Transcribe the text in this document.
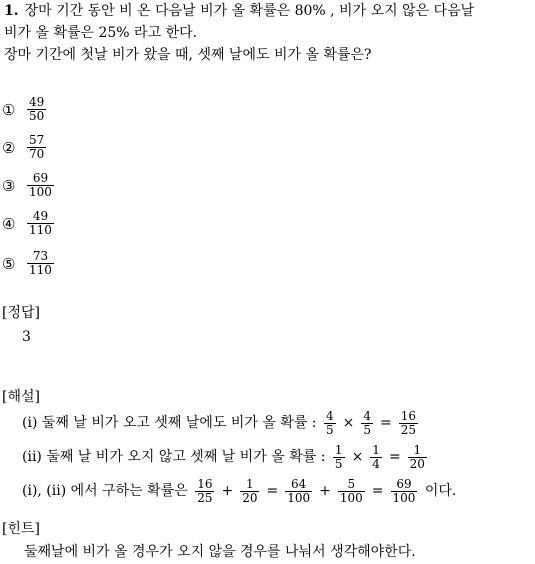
1. 장마 기간 동안 비 온 다음날 비가 올 확률은 80% , 비가 오지 않은 다음날
비가 올 확률은 25% 라고 한다.
장마 기간에 첫날 비가 왔을 때, 셋째 날에도 비가 올 확률은?
① $\frac{49}{50}$
② $\frac{57}{70}$
③ $\frac{69}{100}$
④ $\frac{49}{110}$
⑤ $\frac{73}{110}$
[정답]
3
[해설]
(i) 둘째 날 비가 오고 셋째 날에도 비가 올 확률 : $\frac{4}{5} \times \frac{4}{5} = \frac{16}{25}$
(ii) 둘째 날 비가 오지 않고 셋째 날 비가 올 확률 : $\frac{1}{5} \times \frac{1}{4} = \frac{1}{20}$
(i), (ii) 에서 구하는 확률은 $\frac{16}{25} + \frac{1}{20} = \frac{64}{100} + \frac{5}{100} = \frac{69}{100}$ 이다.
[힌트]
둘째날에 비가 올 경우가 오지 않을 경우를 나눠서 생각해야한다.
